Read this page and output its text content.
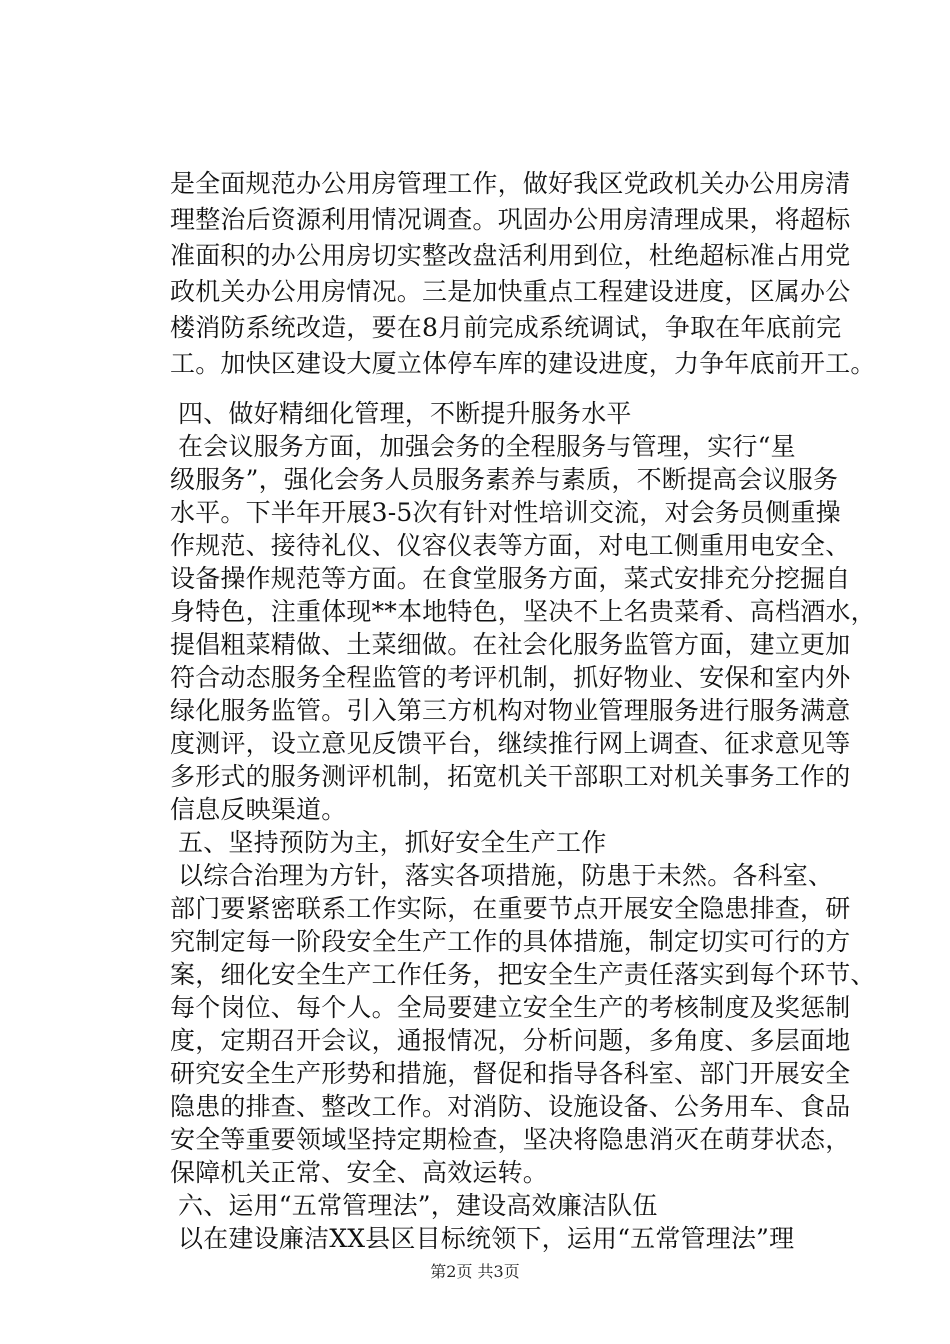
是全面规范办公用房管理工作，做好我区党政机关办公用房清
理整治后资源利用情况调查。巩固办公用房清理成果，将超标
准面积的办公用房切实整改盘活利用到位，杜绝超标准占用党
政机关办公用房情况。三是加快重点工程建设进度，区属办公
楼消防系统改造，要在8月前完成系统调试，争取在年底前完
工。加快区建设大厦立体停车库的建设进度，力争年底前开工。
四、做好精细化管理，不断提升服务水平
在会议服务方面，加强会务的全程服务与管理，实行“星
级服务”，强化会务人员服务素养与素质，不断提高会议服务
水平。下半年开展3-5次有针对性培训交流，对会务员侧重操
作规范、接待礼仪、仪容仪表等方面，对电工侧重用电安全、
设备操作规范等方面。在食堂服务方面，菜式安排充分挖掘自
身特色，注重体现**本地特色，坚决不上名贵菜肴、高档酒水，
提倡粗菜精做、土菜细做。在社会化服务监管方面，建立更加
符合动态服务全程监管的考评机制，抓好物业、安保和室内外
绿化服务监管。引入第三方机构对物业管理服务进行服务满意
度测评，设立意见反馈平台，继续推行网上调查、征求意见等
多形式的服务测评机制，拓宽机关干部职工对机关事务工作的
信息反映渠道。
五、坚持预防为主，抓好安全生产工作
以综合治理为方针，落实各项措施，防患于未然。各科室、
部门要紧密联系工作实际，在重要节点开展安全隐患排查，研
究制定每一阶段安全生产工作的具体措施，制定切实可行的方
案，细化安全生产工作任务，把安全生产责任落实到每个环节、
每个岗位、每个人。全局要建立安全生产的考核制度及奖惩制
度，定期召开会议，通报情况，分析问题，多角度、多层面地
研究安全生产形势和措施，督促和指导各科室、部门开展安全
隐患的排查、整改工作。对消防、设施设备、公务用车、食品
安全等重要领域坚持定期检查，坚决将隐患消灭在萌芽状态，
保障机关正常、安全、高效运转。
六、运用“五常管理法”，建设高效廉洁队伍
以在建设廉洁XX县区目标统领下，运用“五常管理法”理
第2页 共3页
